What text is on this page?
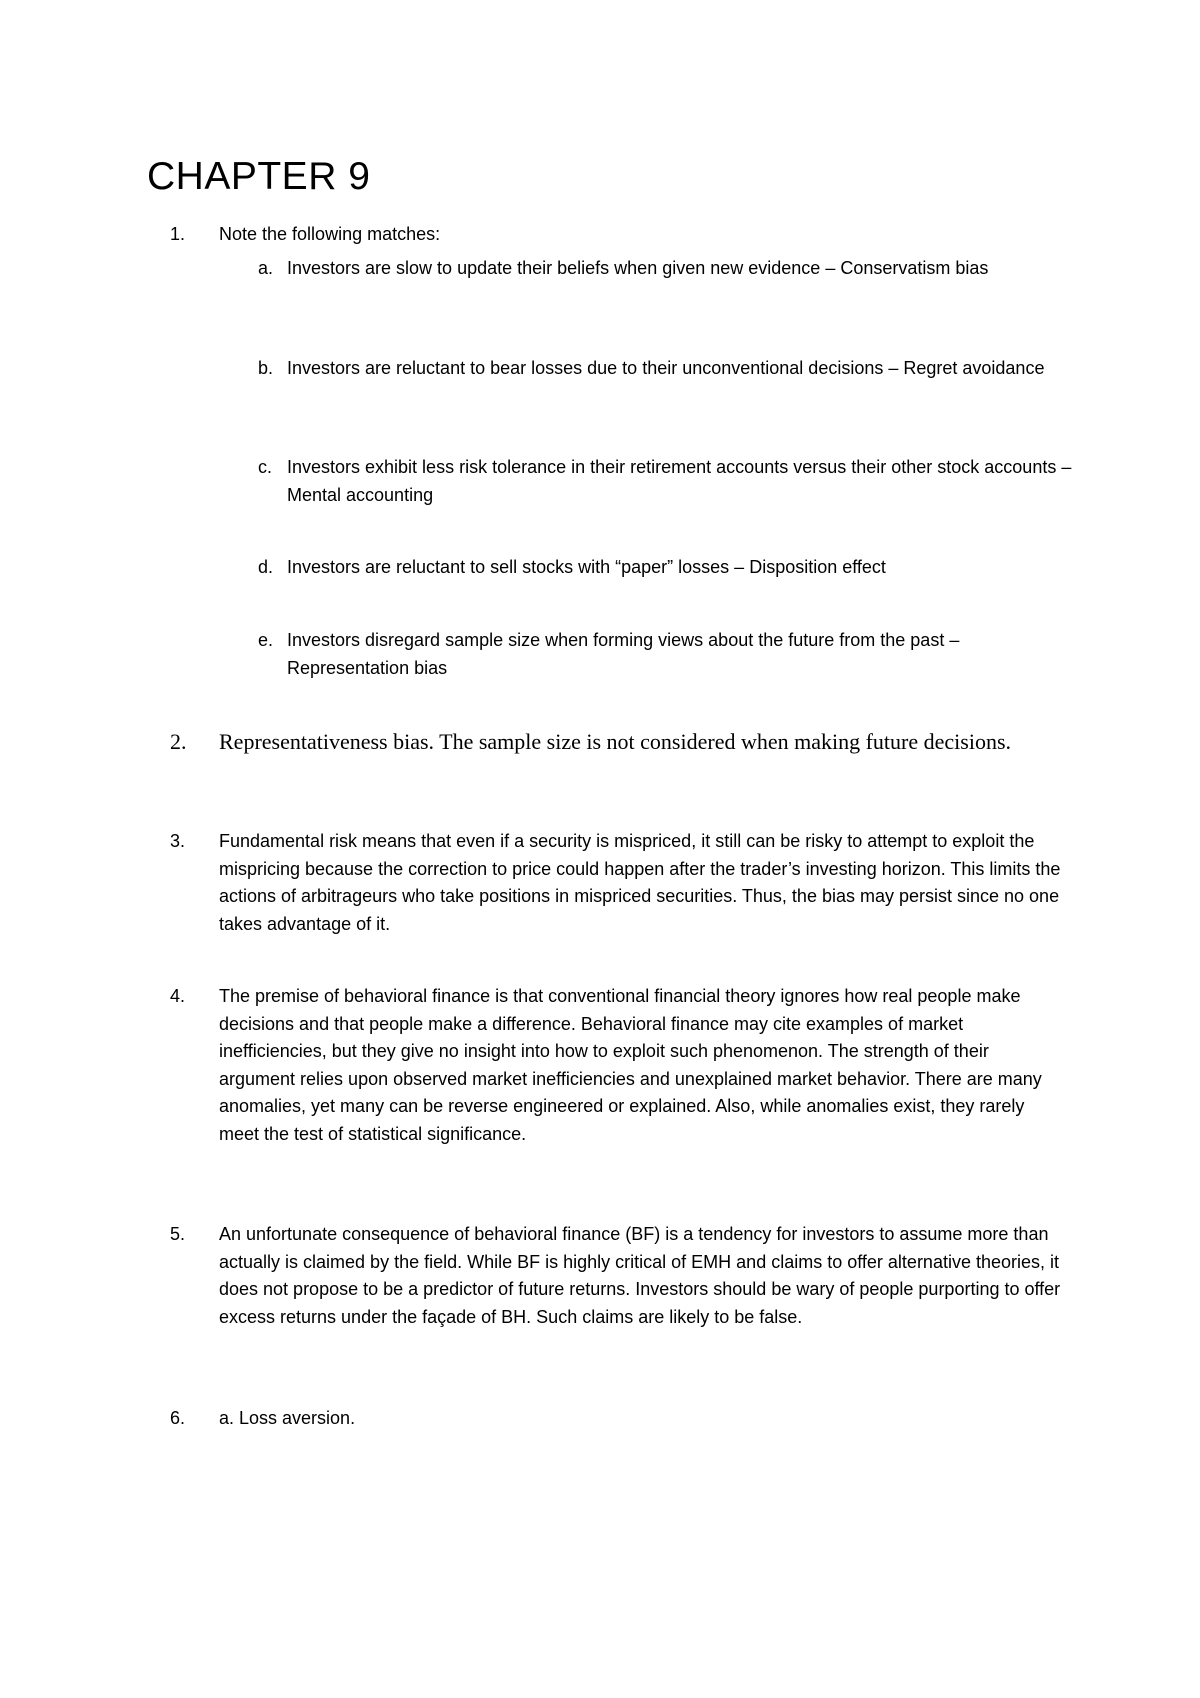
CHAPTER 9
1. Note the following matches:
a. Investors are slow to update their beliefs when given new evidence – Conservatism bias
b. Investors are reluctant to bear losses due to their unconventional decisions – Regret avoidance
c. Investors exhibit less risk tolerance in their retirement accounts versus their other stock accounts – Mental accounting
d. Investors are reluctant to sell stocks with “paper” losses – Disposition effect
e. Investors disregard sample size when forming views about the future from the past – Representation bias
2. Representativeness bias. The sample size is not considered when making future decisions.
3. Fundamental risk means that even if a security is mispriced, it still can be risky to attempt to exploit the mispricing because the correction to price could happen after the trader’s investing horizon. This limits the actions of arbitrageurs who take positions in mispriced securities. Thus, the bias may persist since no one takes advantage of it.
4. The premise of behavioral finance is that conventional financial theory ignores how real people make decisions and that people make a difference. Behavioral finance may cite examples of market inefficiencies, but they give no insight into how to exploit such phenomenon. The strength of their argument relies upon observed market inefficiencies and unexplained market behavior. There are many anomalies, yet many can be reverse engineered or explained. Also, while anomalies exist, they rarely meet the test of statistical significance.
5. An unfortunate consequence of behavioral finance (BF) is a tendency for investors to assume more than actually is claimed by the field. While BF is highly critical of EMH and claims to offer alternative theories, it does not propose to be a predictor of future returns. Investors should be wary of people purporting to offer excess returns under the façade of BH. Such claims are likely to be false.
6. a. Loss aversion.
